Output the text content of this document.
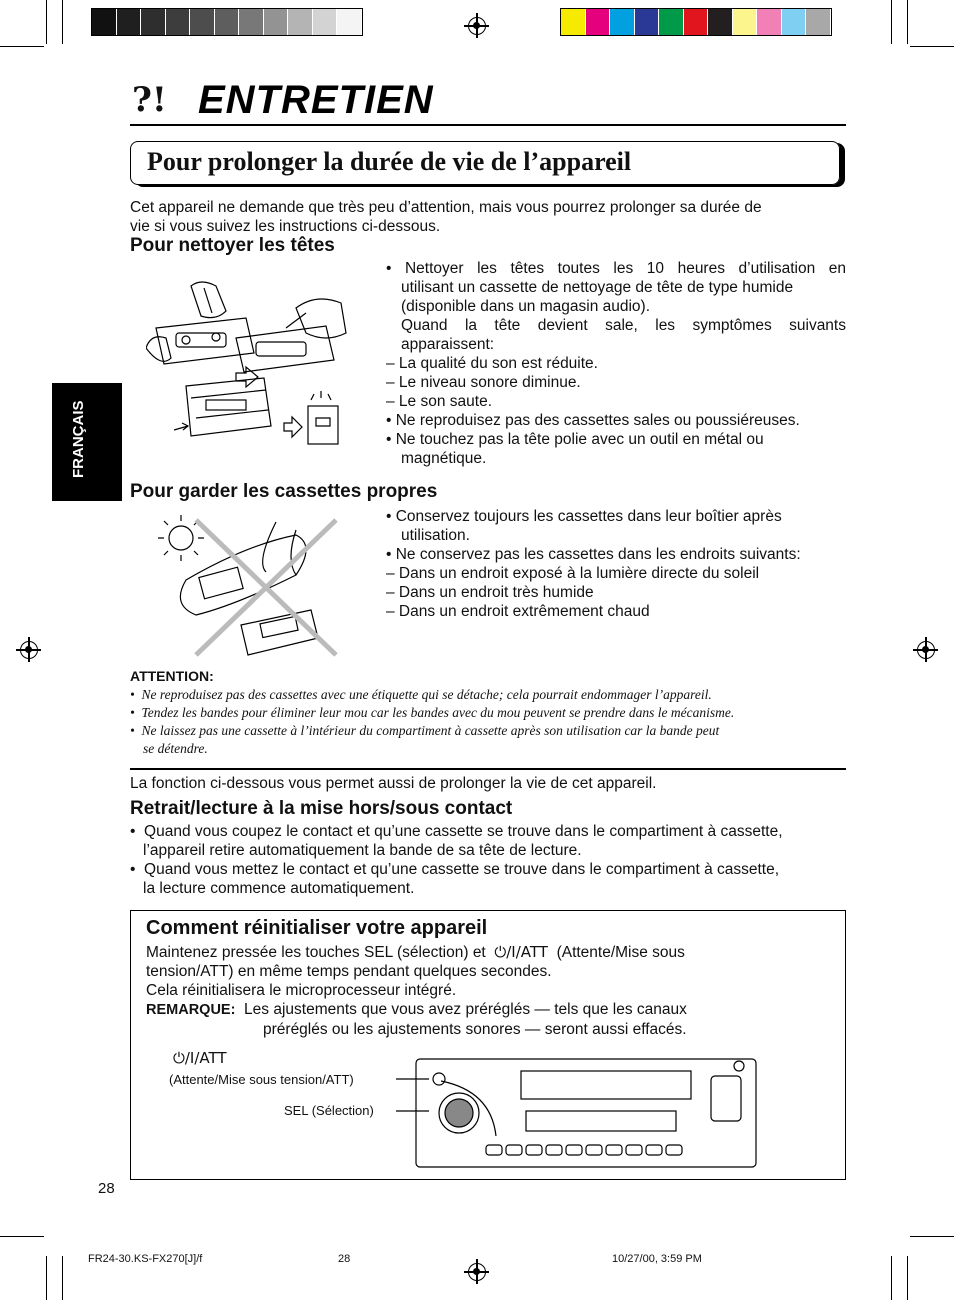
?! ENTRETIEN
Pour prolonger la durée de vie de l’appareil
Cet appareil ne demande que très peu d’attention, mais vous pourrez prolonger sa durée de
vie si vous suivez les instructions ci-dessous.
Pour nettoyer les têtes
• Nettoyer les têtes toutes les 10 heures d’utilisation en
utilisant un cassette de nettoyage de tête de type humide
(disponible dans un magasin audio).
Quand la tête devient sale, les symptômes suivants
apparaissent:
– La qualité du son est réduite.
– Le niveau sonore diminue.
– Le son saute.
• Ne reproduisez pas des cassettes sales ou poussiéreuses.
• Ne touchez pas la tête polie avec un outil en métal ou
magnétique.
Pour garder les cassettes propres
• Conservez toujours les cassettes dans leur boîtier après
utilisation.
• Ne conservez pas les cassettes dans les endroits suivants:
– Dans un endroit exposé à la lumière directe du soleil
– Dans un endroit très humide
– Dans un endroit extrêmement chaud
ATTENTION:
•  Ne reproduisez pas des cassettes avec une étiquette qui se détache; cela pourrait endommager l’appareil.
•  Tendez les bandes pour éliminer leur mou car les bandes avec du mou peuvent se prendre dans le mécanisme.
•  Ne laissez pas une cassette à l’intérieur du compartiment à cassette après son utilisation car la bande peut
se détendre.
La fonction ci-dessous vous permet aussi de prolonger la vie de cet appareil.
Retrait/lecture à la mise hors/sous contact
•  Quand vous coupez le contact et qu’une cassette se trouve dans le compartiment à cassette,
l’appareil retire automatiquement la bande de sa tête de lecture.
•  Quand vous mettez le contact et qu’une cassette se trouve dans le compartiment à cassette,
la lecture commence automatiquement.
Comment réinitialiser votre appareil
Maintenez pressée les touches SEL (sélection) et ⏻/I/ATT (Attente/Mise sous
tension/ATT) en même temps pendant quelques secondes.
Cela réinitialisera le microprocesseur intégré.
REMARQUE: Les ajustements que vous avez préréglés — tels que les canaux
préréglés ou les ajustements sonores — seront aussi effacés.
⏻/I/ATT
(Attente/Mise sous tension/ATT)
SEL (Sélection)
FRANÇAIS
28
FR24-30.KS-FX270[J]/f	28	10/27/00, 3:59 PM
